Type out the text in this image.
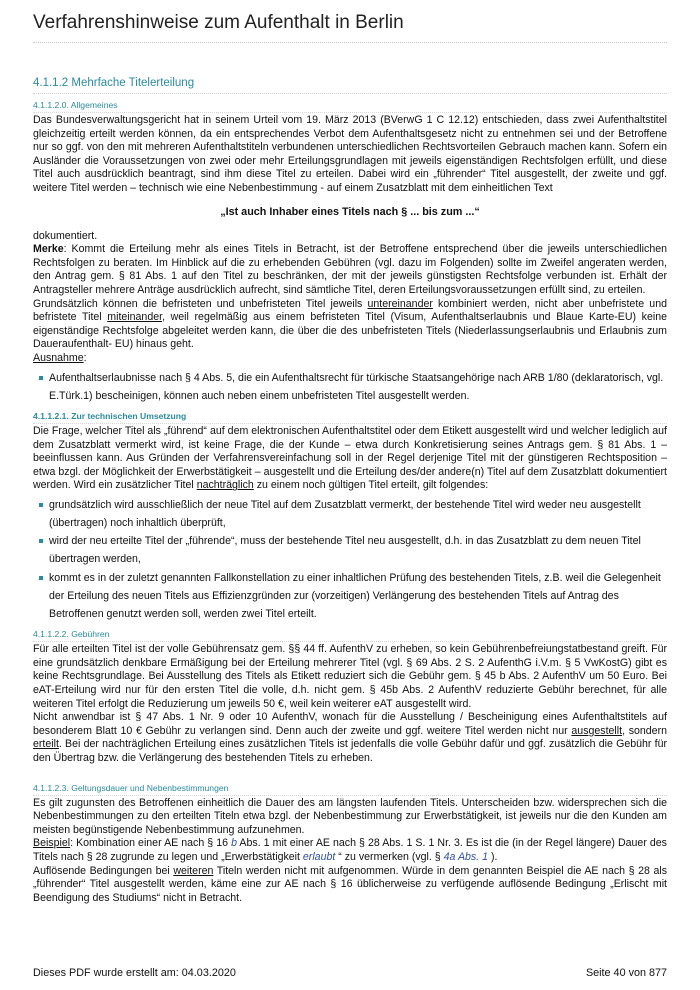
Verfahrenshinweise zum Aufenthalt in Berlin
4.1.1.2 Mehrfache Titelerteilung
4.1.1.2.0. Allgemeines

Das Bundesverwaltungsgericht hat in seinem Urteil vom 19. März 2013 (BVerwG 1 C 12.12) entschieden, dass zwei Aufenthaltstitel gleichzeitig erteilt werden können, da ein entsprechendes Verbot dem Aufenthaltsgesetz nicht zu entnehmen sei und der Betroffene nur so ggf. von den mit mehreren Aufenthaltstiteln verbundenen unterschiedlichen Rechtsvorteilen Gebrauch machen kann. Sofern ein Ausländer die Voraussetzungen von zwei oder mehr Erteilungsgrundlagen mit jeweils eigenständigen Rechtsfolgen erfüllt, und diese Titel auch ausdrücklich beantragt, sind ihm diese Titel zu erteilen. Dabei wird ein „führender“ Titel ausgestellt, der zweite und ggf. weitere Titel werden – technisch wie eine Nebenbestimmung - auf einem Zusatzblatt mit dem einheitlichen Text

„Ist auch Inhaber eines Titels nach § ... bis zum ...“

dokumentiert.

Merke: Kommt die Erteilung mehr als eines Titels in Betracht, ist der Betroffene entsprechend über die jeweils unterschiedlichen Rechtsfolgen zu beraten. Im Hinblick auf die zu erhebenden Gebühren (vgl. dazu im Folgenden) sollte im Zweifel angeraten werden, den Antrag gem. § 81 Abs. 1 auf den Titel zu beschränken, der mit der jeweils günstigsten Rechtsfolge verbunden ist. Erhält der Antragsteller mehrere Anträge ausdrücklich aufrecht, sind sämtliche Titel, deren Erteilungsvoraussetzungen erfüllt sind, zu erteilen.

Grundsätzlich können die befristeten und unbefristeten Titel jeweils untereinander kombiniert werden, nicht aber unbefristete und befristete Titel miteinander, weil regelmäßig aus einem befristeten Titel (Visum, Aufenthaltserlaubnis und Blaue Karte-EU) keine eigenständige Rechtsfolge abgeleitet werden kann, die über die des unbefristeten Titels (Niederlassungserlaubnis und Erlaubnis zum Daueraufenthalt- EU) hinaus geht.

Ausnahme:

Aufenthaltserlaubnisse nach § 4 Abs. 5, die ein Aufenthaltsrecht für türkische Staatsangehörige nach ARB 1/80 (deklaratorisch, vgl. E.Türk.1) bescheinigen, können auch neben einem unbefristeten Titel ausgestellt werden.
4.1.1.2.1. Zur technischen Umsetzung

Die Frage, welcher Titel als „führend“ auf dem elektronischen Aufenthaltstitel oder dem Etikett ausgestellt wird und welcher lediglich auf dem Zusatzblatt vermerkt wird, ist keine Frage, die der Kunde – etwa durch Konkretisierung seines Antrags gem. § 81 Abs. 1 – beeinflussen kann. Aus Gründen der Verfahrensvereinfachung soll in der Regel derjenige Titel mit der günstigeren Rechtsposition – etwa bzgl. der Möglichkeit der Erwerbstätigkeit – ausgestellt und die Erteilung des/der andere(n) Titel auf dem Zusatzblatt dokumentiert werden. Wird ein zusätzlicher Titel nachträglich zu einem noch gültigen Titel erteilt, gilt folgendes:

grundsätzlich wird ausschließlich der neue Titel auf dem Zusatzblatt vermerkt, der bestehende Titel wird weder neu ausgestellt (übertragen) noch inhaltlich überprüft,
wird der neu erteilte Titel der „führende“, muss der bestehende Titel neu ausgestellt, d.h. in das Zusatzblatt zu dem neuen Titel übertragen werden,
kommt es in der zuletzt genannten Fallkonstellation zu einer inhaltlichen Prüfung des bestehenden Titels, z.B. weil die Gelegenheit der Erteilung des neuen Titels aus Effizienzgründen zur (vorzeitigen) Verlängerung des bestehenden Titels auf Antrag des Betroffenen genutzt werden soll, werden zwei Titel erteilt.
4.1.1.2.2. Gebühren

Für alle erteilten Titel ist der volle Gebührensatz gem. §§ 44 ff. AufenthV zu erheben, so kein Gebührenbefreiungstatbestand greift. Für eine grundsätzlich denkbare Ermäßigung bei der Erteilung mehrerer Titel (vgl. § 69 Abs. 2 S. 2 AufenthG i.V.m. § 5 VwKostG) gibt es keine Rechtsgrundlage. Bei Ausstellung des Titels als Etikett reduziert sich die Gebühr gem. § 45 b Abs. 2 AufenthV um 50 Euro. Bei eAT-Erteilung wird nur für den ersten Titel die volle, d.h. nicht gem. § 45b Abs. 2 AufenthV reduzierte Gebühr berechnet, für alle weiteren Titel erfolgt die Reduzierung um jeweils 50 €, weil kein weiterer eAT ausgestellt wird.

Nicht anwendbar ist § 47 Abs. 1 Nr. 9 oder 10 AufenthV, wonach für die Ausstellung / Bescheinigung eines Aufenthaltstitels auf besonderem Blatt 10 € Gebühr zu verlangen sind. Denn auch der zweite und ggf. weitere Titel werden nicht nur ausgestellt, sondern erteilt. Bei der nachträglichen Erteilung eines zusätzlichen Titels ist jedenfalls die volle Gebühr dafür und ggf. zusätzlich die Gebühr für den Übertrag bzw. die Verlängerung des bestehenden Titels zu erheben.

4.1.1.2.3. Geltungsdauer und Nebenbestimmungen

Es gilt zugunsten des Betroffenen einheitlich die Dauer des am längsten laufenden Titels. Unterscheiden bzw. widersprechen sich die Nebenbestimmungen zu den erteilten Titeln etwa bzgl. der Nebenbestimmung zur Erwerbstätigkeit, ist jeweils nur die den Kunden am meisten begünstigende Nebenbestimmung aufzunehmen.

Beispiel: Kombination einer AE nach § 16 b Abs. 1 mit einer AE nach § 28 Abs. 1 S. 1 Nr. 3. Es ist die (in der Regel längere) Dauer des Titels nach § 28 zugrunde zu legen und „Erwerbstätigkeit erlaubt “ zu vermerken (vgl. § 4a Abs. 1 ).

Auflösende Bedingungen bei weiteren Titeln werden nicht mit aufgenommen. Würde in dem genannten Beispiel die AE nach § 28 als „führender“ Titel ausgestellt werden, käme eine zur AE nach § 16 üblicherweise zu verfügende auflösende Bedingung „Erlischt mit Beendigung des Studiums“ nicht in Betracht.

Dieses PDF wurde erstellt am: 04.03.2020	Seite 40 von 877
